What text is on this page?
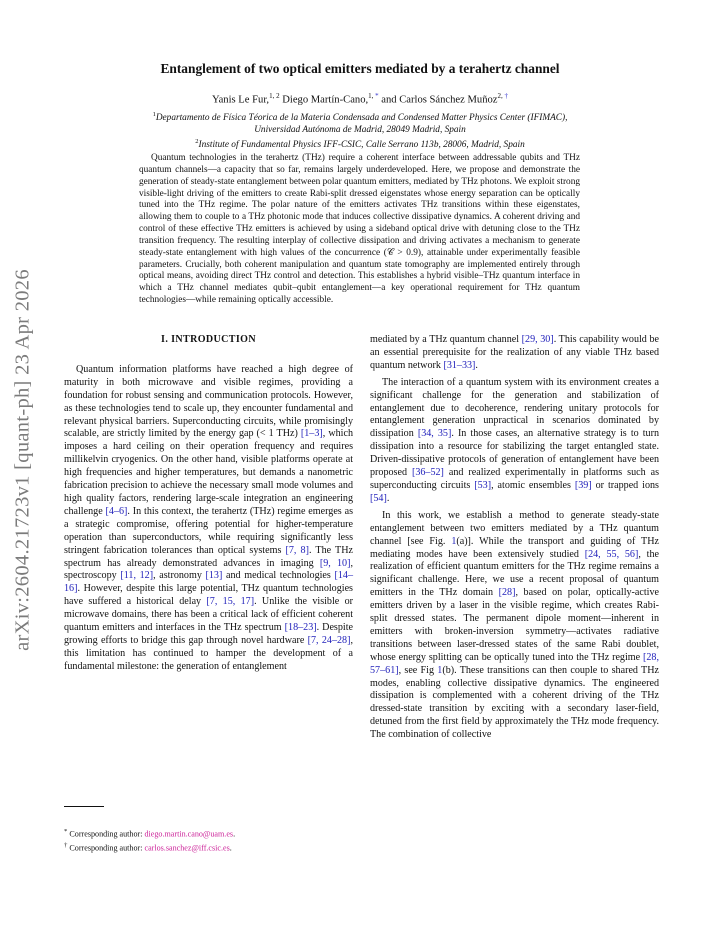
arXiv:2604.21723v1 [quant-ph] 23 Apr 2026
Entanglement of two optical emitters mediated by a terahertz channel
Yanis Le Fur,$^{1, 2}$ Diego Martín-Cano,$^{1, *}$ and Carlos Sánchez Muñoz$^{2, \dagger}$
$^1$Departamento de Física Téorica de la Materia Condensada and Condensed Matter Physics Center (IFIMAC),
Universidad Autónoma de Madrid, 28049 Madrid, Spain
$^2$Institute of Fundamental Physics IFF-CSIC, Calle Serrano 113b, 28006, Madrid, Spain

Quantum technologies in the terahertz (THz) require a coherent interface between addressable qubits and THz quantum channels—a capacity that so far, remains largely underdeveloped. Here, we propose and demonstrate the generation of steady-state entanglement between polar quantum emitters, mediated by THz photons. We exploit strong visible-light driving of the emitters to create Rabi-split dressed eigenstates whose energy separation can be optically tuned into the THz regime. The polar nature of the emitters activates THz transitions within these eigenstates, allowing them to couple to a THz photonic mode that induces collective dissipative dynamics. A coherent driving and control of these effective THz emitters is achieved by using a sideband optical drive with detuning close to the THz transition frequency. The resulting interplay of collective dissipation and driving activates a mechanism to generate steady-state entanglement with high values of the concurrence (𝒞 > 0.9), attainable under experimentally feasible parameters. Crucially, both coherent manipulation and quantum state tomography are implemented entirely through optical means, avoiding direct THz control and detection. This establishes a hybrid visible–THz quantum interface in which a THz channel mediates qubit–qubit entanglement—a key operational requirement for THz quantum technologies—while remaining optically accessible.

I. INTRODUCTION

Quantum information platforms have reached a high degree of maturity in both microwave and visible regimes, providing a foundation for robust sensing and communication protocols. However, as these technologies tend to scale up, they encounter fundamental and relevant physical barriers. Superconducting circuits, while promisingly scalable, are strictly limited by the energy gap (< 1 THz) [1–3], which imposes a hard ceiling on their operation frequency and requires millikelvin cryogenics. On the other hand, visible platforms operate at high frequencies and higher temperatures, but demands a nanometric fabrication precision to achieve the necessary small mode volumes and high quality factors, rendering large-scale integration an engineering challenge [4–6]. In this context, the terahertz (THz) regime emerges as a strategic compromise, offering potential for higher-temperature operation than superconductors, while requiring significantly less stringent fabrication tolerances than optical systems [7, 8]. The THz spectrum has already demonstrated advances in imaging [9, 10], spectroscopy [11, 12], astronomy [13] and medical technologies [14–16]. However, despite this large potential, THz quantum technologies have suffered a historical delay [7, 15, 17]. Unlike the visible or microwave domains, there has been a critical lack of efficient coherent quantum emitters and interfaces in the THz spectrum [18–23]. Despite growing efforts to bridge this gap through novel hardware [7, 24–28], this limitation has continued to hamper the development of a fundamental milestone: the generation of entanglement

mediated by a THz quantum channel [29, 30]. This capability would be an essential prerequisite for the realization of any viable THz based quantum network [31–33].

The interaction of a quantum system with its environment creates a significant challenge for the generation and stabilization of entanglement due to decoherence, rendering unitary protocols for entanglement generation unpractical in scenarios dominated by dissipation [34, 35]. In those cases, an alternative strategy is to turn dissipation into a resource for stabilizing the target entangled state. Driven-dissipative protocols of generation of entanglement have been proposed [36–52] and realized experimentally in platforms such as superconducting circuits [53], atomic ensembles [39] or trapped ions [54].

In this work, we establish a method to generate steady-state entanglement between two emitters mediated by a THz quantum channel [see Fig. 1(a)]. While the transport and guiding of THz mediating modes have been extensively studied [24, 55, 56], the realization of efficient quantum emitters for the THz regime remains a significant challenge. Here, we use a recent proposal of quantum emitters in the THz domain [28], based on polar, optically-active emitters driven by a laser in the visible regime, which creates Rabi-split dressed states. The permanent dipole moment—inherent in emitters with broken-inversion symmetry—activates radiative transitions between laser-dressed states of the same Rabi doublet, whose energy splitting can be optically tuned into the THz regime [28, 57–61], see Fig 1(b). These transitions can then couple to shared THz modes, enabling collective dissipative dynamics. The engineered dissipation is complemented with a coherent driving of the THz dressed-state transition by exciting with a secondary laser-field, detuned from the first field by approximately the THz mode frequency. The combination of collective

* Corresponding author: diego.martin.cano@uam.es.
† Corresponding author: carlos.sanchez@iff.csic.es.
